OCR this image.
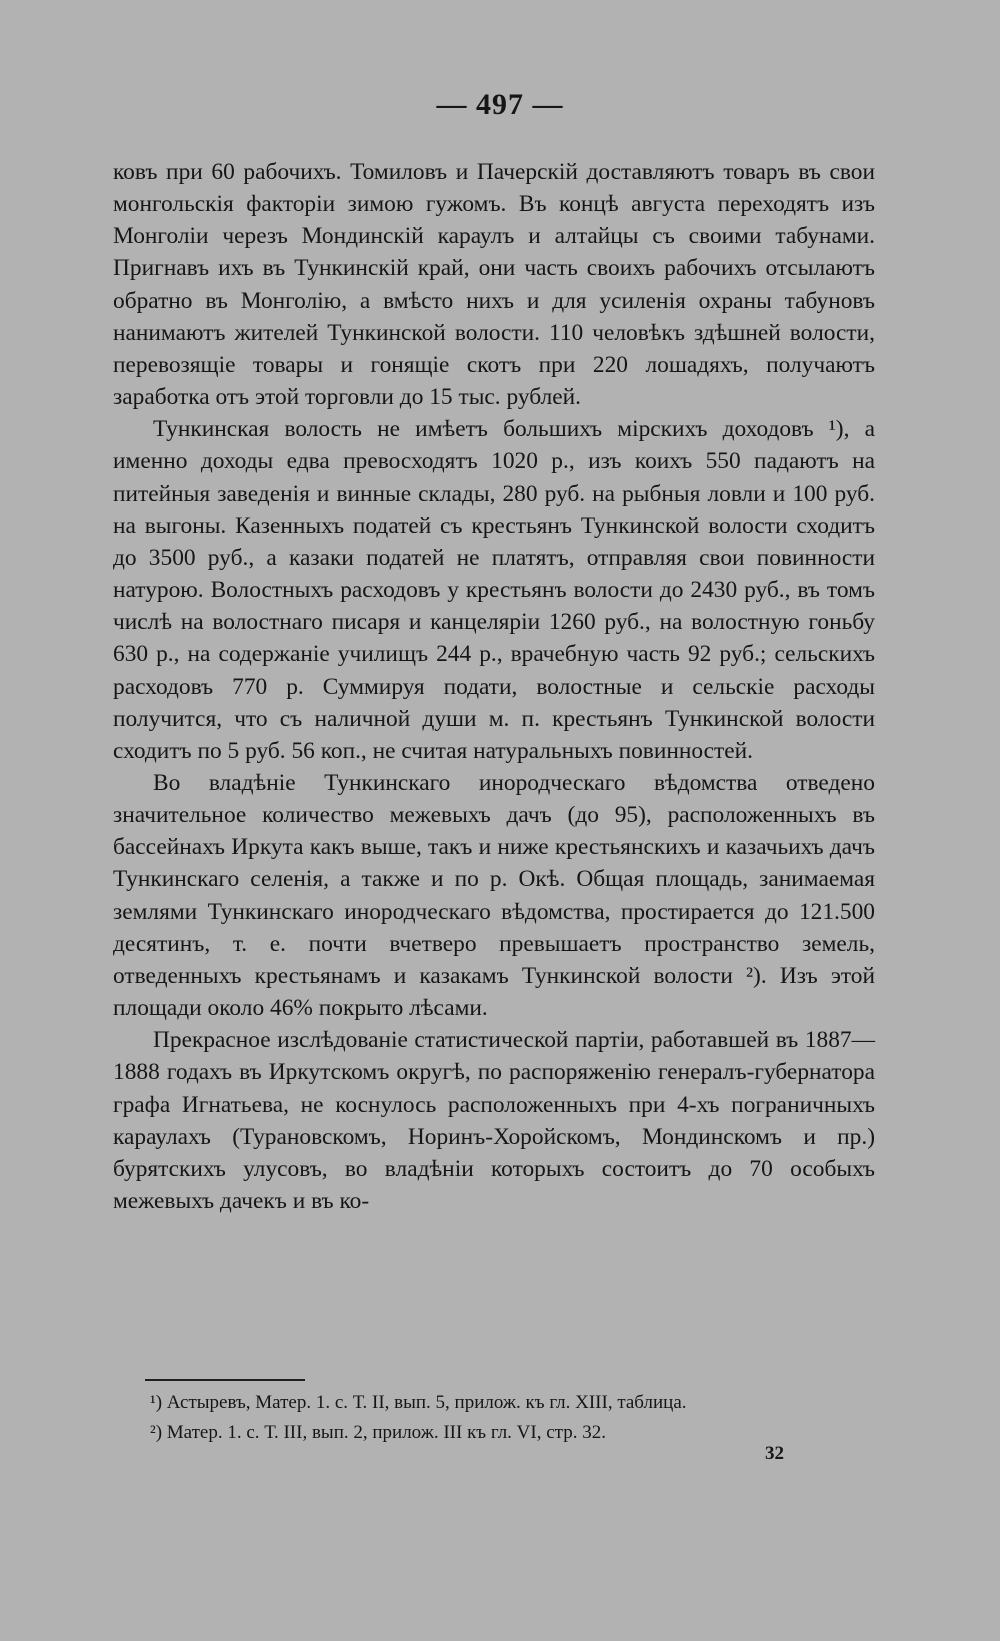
— 497 —

ковъ при 60 рабочихъ. Томиловъ и Пачерскій доставляютъ товаръ въ свои монгольскія факторіи зимою гужомъ. Въ концѣ августа переходятъ изъ Монголіи черезъ Мондинскій караулъ и алтайцы съ своими табунами. Пригнавъ ихъ въ Тункинскій край, они часть своихъ рабочихъ отсылаютъ обратно въ Монголію, а вмѣсто нихъ и для усиленія охраны табуновъ нанимаютъ жителей Тункинской волости. 110 человѣкъ здѣшней волости, перевозящіе товары и гонящіе скотъ при 220 лошадяхъ, получаютъ заработка отъ этой торговли до 15 тыс. рублей.

Тункинская волость не имѣетъ большихъ мірскихъ доходовъ ¹), а именно доходы едва превосходятъ 1020 р., изъ коихъ 550 падаютъ на питейныя заведенія и винные склады, 280 руб. на рыбныя ловли и 100 руб. на выгоны. Казенныхъ податей съ крестьянъ Тункинской волости сходитъ до 3500 руб., а казаки податей не платятъ, отправляя свои повинности натурою. Волостныхъ расходовъ у крестьянъ волости до 2430 руб., въ томъ числѣ на волостнаго писаря и канцеляріи 1260 руб., на волостную гоньбу 630 р., на содержаніе училищъ 244 р., врачебную часть 92 руб.; сельскихъ расходовъ 770 р. Суммируя подати, волостные и сельскіе расходы получится, что съ наличной души м. п. крестьянъ Тункинской волости сходитъ по 5 руб. 56 коп., не считая натуральныхъ повинностей.

Во владѣніе Тункинскаго инородческаго вѣдомства отведено значительное количество межевыхъ дачъ (до 95), расположенныхъ въ бассейнахъ Иркута какъ выше, такъ и ниже крестьянскихъ и казачьихъ дачъ Тункинскаго селенія, а также и по р. Окѣ. Общая площадь, занимаемая землями Тункинскаго инородческаго вѣдомства, простирается до 121.500 десятинъ, т. е. почти вчетверо превышаетъ пространство земель, отведенныхъ крестьянамъ и казакамъ Тункинской волости ²). Изъ этой площади около 46% покрыто лѣсами.

Прекрасное изслѣдованіе статистической партіи, работавшей въ 1887—1888 годахъ въ Иркутскомъ округѣ, по распоряженію генералъ-губернатора графа Игнатьева, не коснулось расположенныхъ при 4-хъ пограничныхъ караулахъ (Турановскомъ, Норинъ-Хоройскомъ, Мондинскомъ и пр.) бурятскихъ улусовъ, во владѣніи которыхъ состоитъ до 70 особыхъ межевыхъ дачекъ и въ ко-

¹) Астыревъ, Матер. 1. с. Т. II, вып. 5, прилож. къ гл. XIII, таблица.

²) Матер. 1. с. Т. III, вып. 2, прилож. III къ гл. VI, стр. 32.

32
